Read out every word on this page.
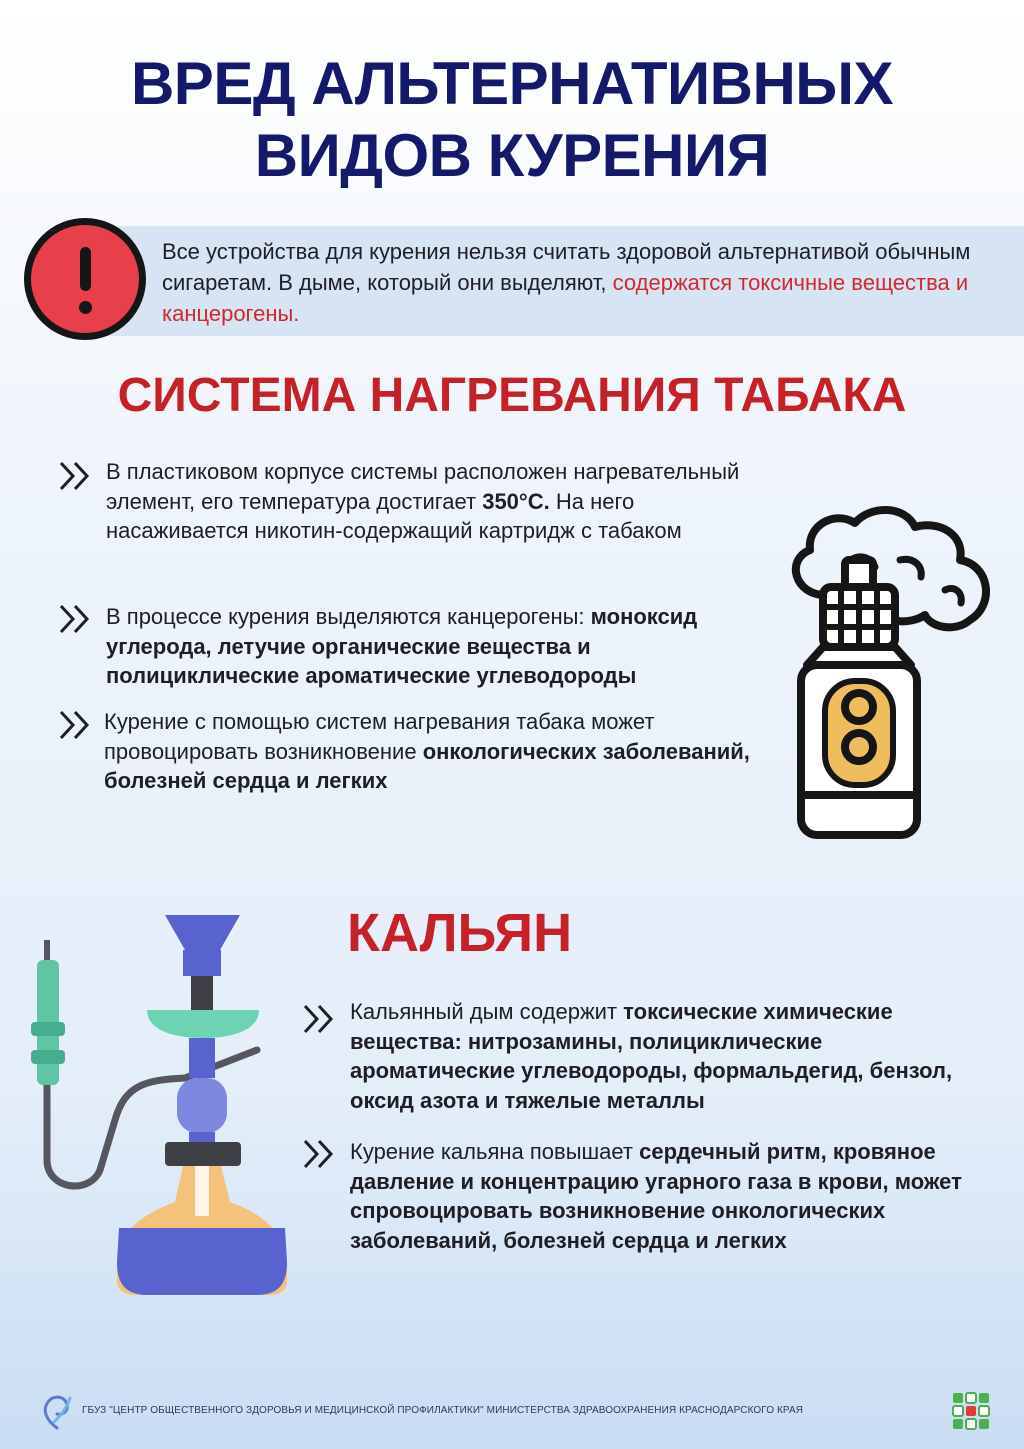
ВРЕД АЛЬТЕРНАТИВНЫХ
ВИДОВ КУРЕНИЯ
Все устройства для курения нельзя считать здоровой альтернативой обычным сигаретам. В дыме, который они выделяют, содержатся токсичные вещества и канцерогены.
СИСТЕМА НАГРЕВАНИЯ ТАБАКА
В пластиковом корпусе системы расположен нагревательный элемент, его температура достигает 350°C. На него насаживается никотин-содержащий картридж с табаком
В процессе курения выделяются канцерогены: моноксид углерода, летучие органические вещества и полициклические ароматические углеводороды
Курение с помощью систем нагревания табака может провоцировать возникновение онкологических заболеваний, болезней сердца и легких
КАЛЬЯН
Кальянный дым содержит токсические химические вещества: нитрозамины, полициклические ароматические углеводороды, формальдегид, бензол, оксид азота и тяжелые металлы
Курение кальяна повышает сердечный ритм, кровяное давление и концентрацию угарного газа в крови, может спровоцировать возникновение онкологических заболеваний, болезней сердца и легких
ГБУЗ "ЦЕНТР ОБЩЕСТВЕННОГО ЗДОРОВЬЯ И МЕДИЦИНСКОЙ ПРОФИЛАКТИКИ" МИНИСТЕРСТВА ЗДРАВООХРАНЕНИЯ КРАСНОДАРСКОГО КРАЯ
